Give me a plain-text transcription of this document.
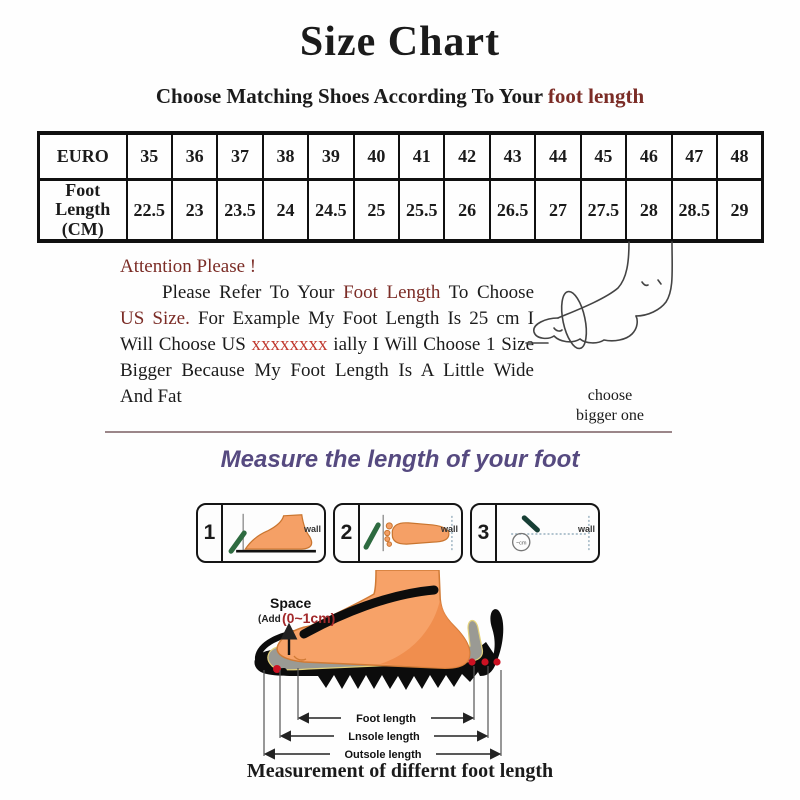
Size Chart
Choose Matching Shoes According To Your foot length
EURO	35	36	37	38	39	40	41	42	43	44	45	46	47	48

Foot
Length
(CM)	22.5	23	23.5	24	24.5	25	25.5	26	26.5	27	27.5	28	28.5	29
Attention Please !
Please Refer To Your Foot Length To Choose
US Size. For Example My Foot Length Is 25 cm I
Will Choose US xxxxxxxx ially I Will Choose 1 Size
Bigger Because My Foot Length Is A Little Wide
And Fat	choose
bigger one
Measure the length of your foot
1	wall 2	wall 3	~cm
wall
Space
(Add (0~1cm)
Foot length
Lnsole length
Outsole length
Measurement of differnt foot length
